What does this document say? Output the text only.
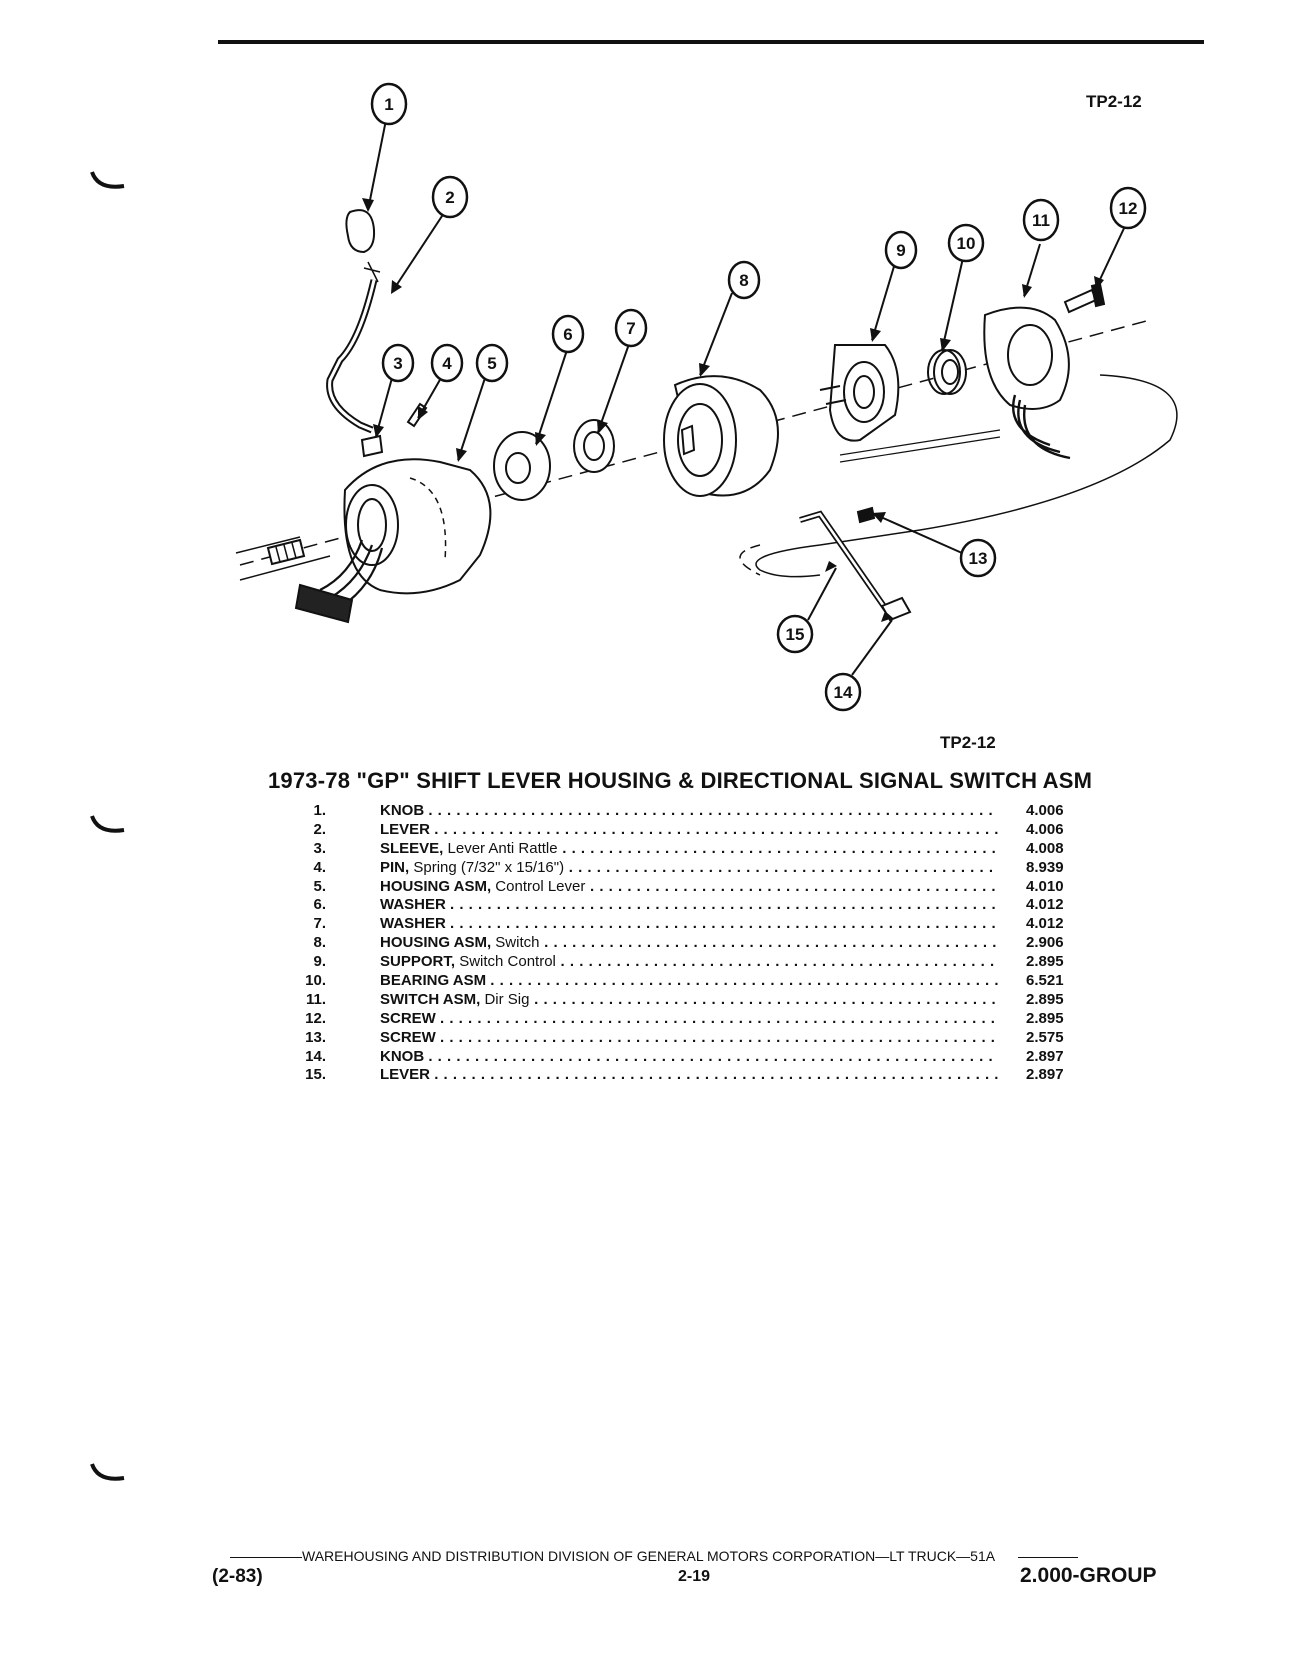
TP2-12
1
2
3 4 5
6	7
8
9	10
11
12
13
14
15
TP2-12
1973-78 "GP" SHIFT LEVER HOUSING & DIRECTIONAL SIGNAL SWITCH ASM
1.	KNOB . . .	4.006
2.	LEVER . . .	4.006
3.	SLEEVE, Lever Anti Rattle . . .	4.008
4.	PIN, Spring (7/32" x 15/16") . . .	8.939
5.	HOUSING ASM, Control Lever . . .	4.010
6.	WASHER . . .	4.012
7.	WASHER . . .	4.012
8.	HOUSING ASM, Switch . . .	2.906
9.	SUPPORT, Switch Control . . .	2.895
10.	BEARING ASM . . .	6.521
11.	SWITCH ASM, Dir Sig . . .	2.895
12.	SCREW . . .	2.895
13.	SCREW . . .	2.575
14.	KNOB . . .	2.897
15.	LEVER . . .	2.897
WAREHOUSING AND DISTRIBUTION DIVISION OF GENERAL MOTORS CORPORATION—LT TRUCK—51A
(2-83)	2-19	2.000-GROUP
